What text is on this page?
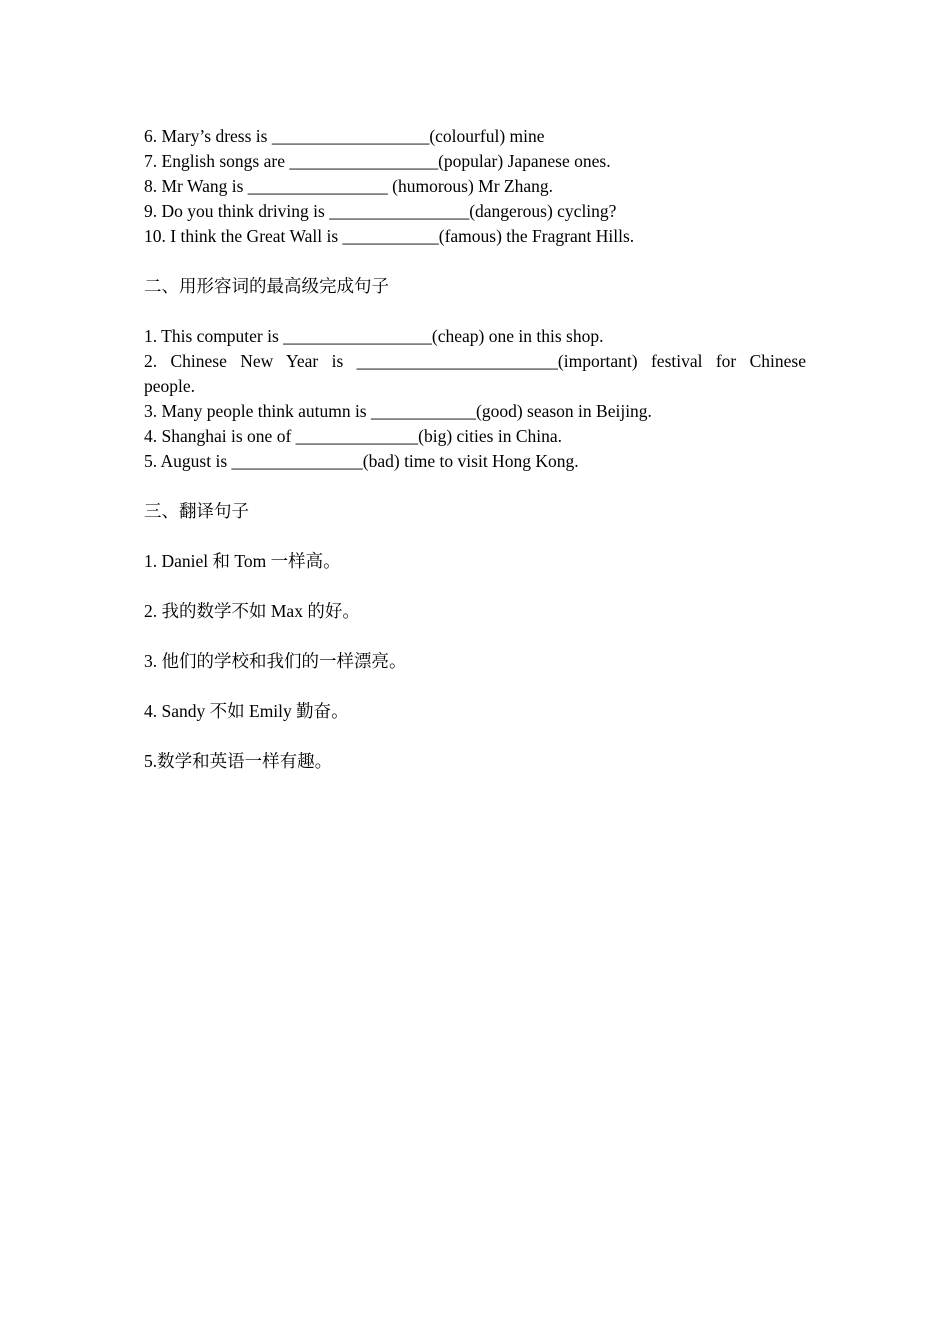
6. Mary’s dress is __________________(colourful) mine

7. English songs are _________________(popular) Japanese ones.

8. Mr Wang is ________________ (humorous) Mr Zhang.

9. Do you think driving is ________________(dangerous) cycling?

10. I think the Great Wall is ___________(famous) the Fragrant Hills.

二、用形容词的最高级完成句子

1. This computer is _________________(cheap) one in this shop.

2. Chinese New Year is _______________________(important) festival for Chinese

people.

3. Many people think autumn is ____________(good) season in Beijing.

4. Shanghai is one of ______________(big) cities in China.

5. August is _______________(bad) time to visit Hong Kong.

三、翻译句子

1. Daniel 和 Tom 一样高。

2. 我的数学不如 Max 的好。

3. 他们的学校和我们的一样漂亮。

4. Sandy 不如 Emily 勤奋。

5.数学和英语一样有趣。
